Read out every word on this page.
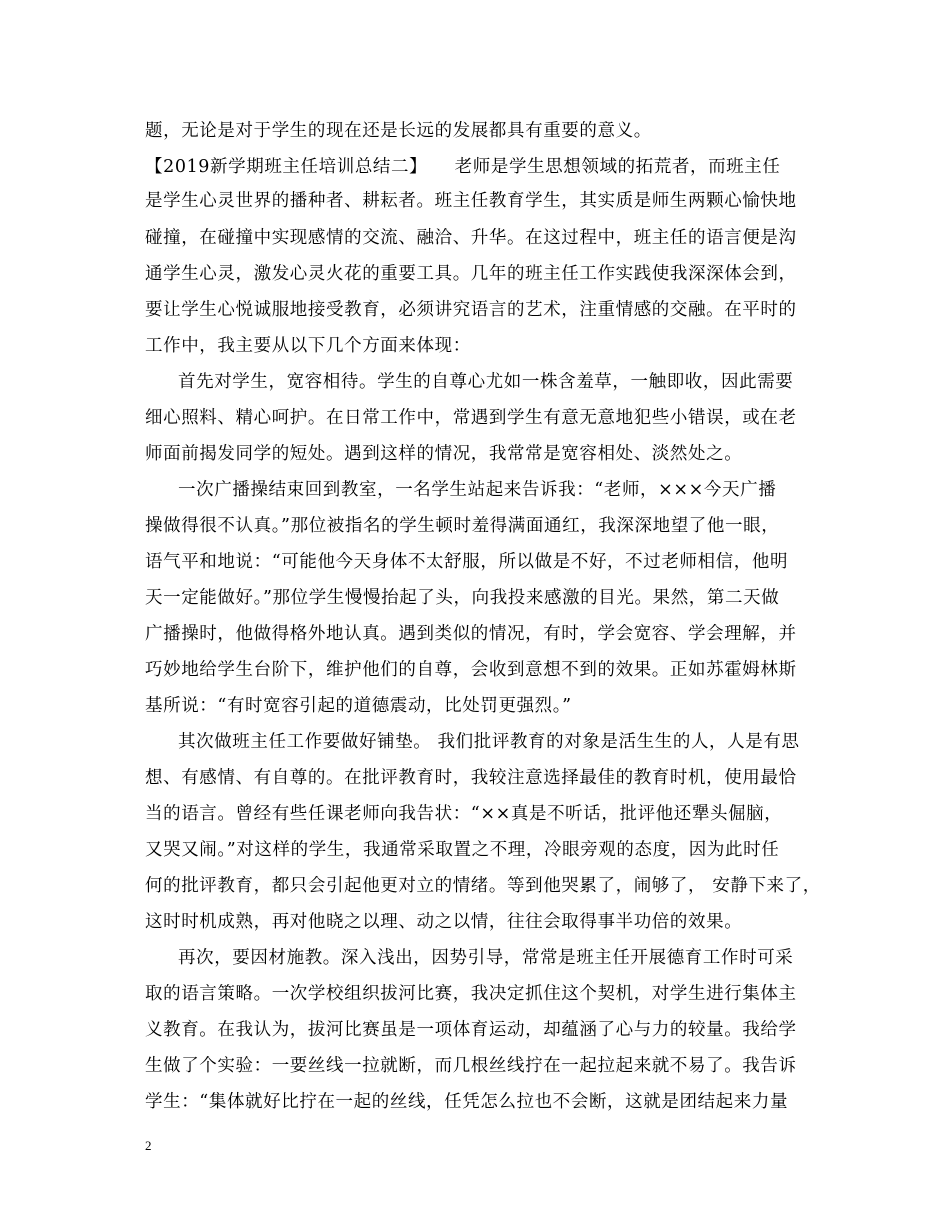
题，无论是对于学生的现在还是长远的发展都具有重要的意义。
【2019新学期班主任培训总结二】　　老师是学生思想领域的拓荒者，而班主任
是学生心灵世界的播种者、耕耘者。班主任教育学生，其实质是师生两颗心愉快地
碰撞，在碰撞中实现感情的交流、融洽、升华。在这过程中，班主任的语言便是沟
通学生心灵，激发心灵火花的重要工具。几年的班主任工作实践使我深深体会到，
要让学生心悦诚服地接受教育，必须讲究语言的艺术，注重情感的交融。在平时的
工作中，我主要从以下几个方面来体现：
首先对学生，宽容相待。学生的自尊心尤如一株含羞草，一触即收，因此需要
细心照料、精心呵护。在日常工作中，常遇到学生有意无意地犯些小错误，或在老
师面前揭发同学的短处。遇到这样的情况，我常常是宽容相处、淡然处之。
一次广播操结束回到教室，一名学生站起来告诉我：“老师，×××今天广播
操做得很不认真。”那位被指名的学生顿时羞得满面通红，我深深地望了他一眼，
语气平和地说：“可能他今天身体不太舒服，所以做是不好，不过老师相信，他明
天一定能做好。”那位学生慢慢抬起了头，向我投来感激的目光。果然，第二天做
广播操时，他做得格外地认真。遇到类似的情况，有时，学会宽容、学会理解，并
巧妙地给学生台阶下，维护他们的自尊，会收到意想不到的效果。正如苏霍姆林斯
基所说：“有时宽容引起的道德震动，比处罚更强烈。”
其次做班主任工作要做好铺垫。 我们批评教育的对象是活生生的人，人是有思
想、有感情、有自尊的。在批评教育时，我较注意选择最佳的教育时机，使用最恰
当的语言。曾经有些任课老师向我告状：“××真是不听话，批评他还犟头倔脑，
又哭又闹。”对这样的学生，我通常采取置之不理，冷眼旁观的态度，因为此时任
何的批评教育，都只会引起他更对立的情绪。等到他哭累了，闹够了， 安静下来了，
这时时机成熟，再对他晓之以理、动之以情，往往会取得事半功倍的效果。
再次，要因材施教。深入浅出，因势引导，常常是班主任开展德育工作时可采
取的语言策略。一次学校组织拔河比赛，我决定抓住这个契机，对学生进行集体主
义教育。在我认为，拔河比赛虽是一项体育运动，却蕴涵了心与力的较量。我给学
生做了个实验：一要丝线一拉就断，而几根丝线拧在一起拉起来就不易了。我告诉
学生：“集体就好比拧在一起的丝线，任凭怎么拉也不会断，这就是团结起来力量
2
